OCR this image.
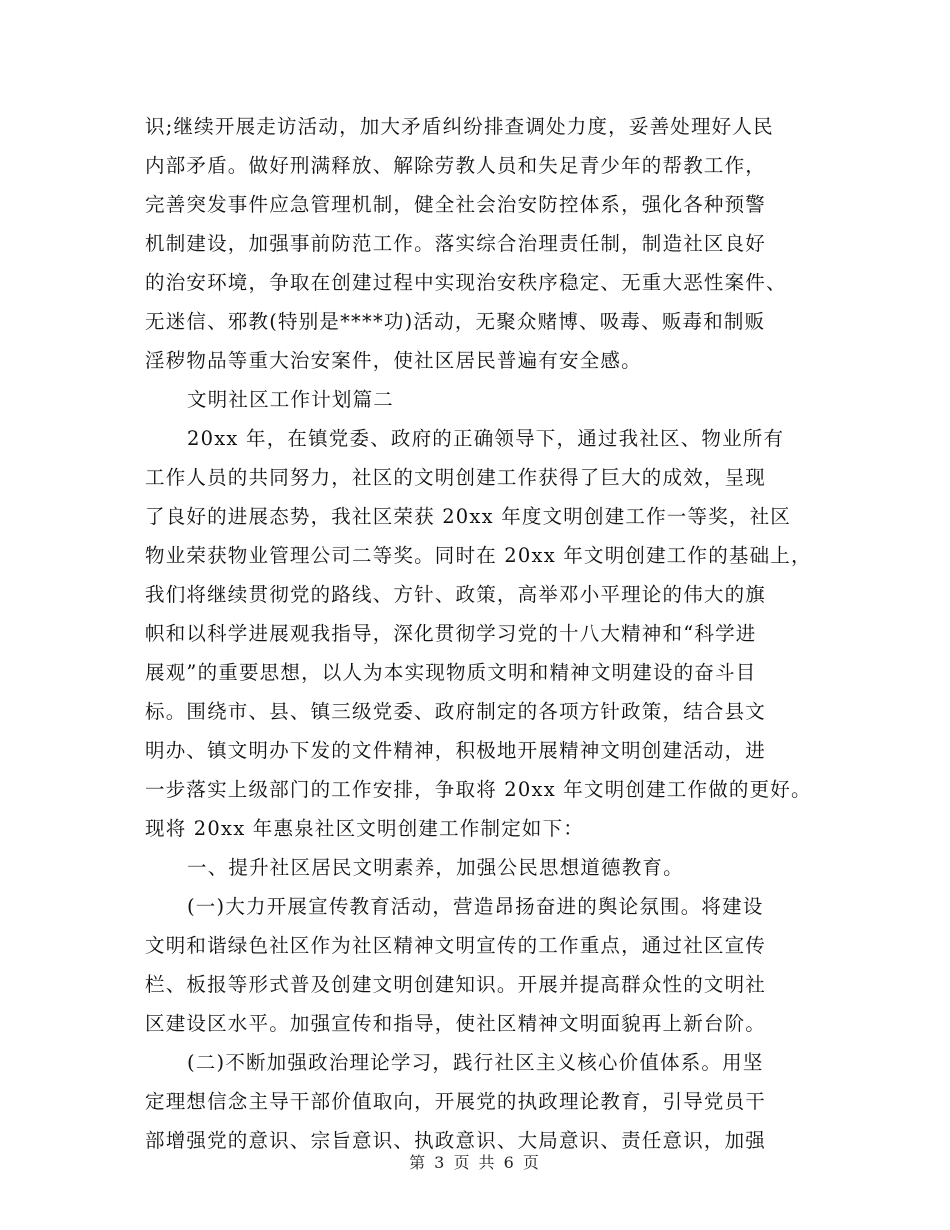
识;继续开展走访活动，加大矛盾纠纷排查调处力度，妥善处理好人民
内部矛盾。做好刑满释放、解除劳教人员和失足青少年的帮教工作，
完善突发事件应急管理机制，健全社会治安防控体系，强化各种预警
机制建设，加强事前防范工作。落实综合治理责任制，制造社区良好
的治安环境，争取在创建过程中实现治安秩序稳定、无重大恶性案件、
无迷信、邪教(特别是****功)活动，无聚众赌博、吸毒、贩毒和制贩
淫秽物品等重大治安案件，使社区居民普遍有安全感。
文明社区工作计划篇二
20xx 年，在镇党委、政府的正确领导下，通过我社区、物业所有
工作人员的共同努力，社区的文明创建工作获得了巨大的成效，呈现
了良好的进展态势，我社区荣获 20xx 年度文明创建工作一等奖，社区
物业荣获物业管理公司二等奖。同时在 20xx 年文明创建工作的基础上，
我们将继续贯彻党的路线、方针、政策，高举邓小平理论的伟大的旗
帜和以科学进展观我指导，深化贯彻学习党的十八大精神和“科学进
展观”的重要思想，以人为本实现物质文明和精神文明建设的奋斗目
标。围绕市、县、镇三级党委、政府制定的各项方针政策，结合县文
明办、镇文明办下发的文件精神，积极地开展精神文明创建活动，进
一步落实上级部门的工作安排，争取将 20xx 年文明创建工作做的更好。
现将 20xx 年惠泉社区文明创建工作制定如下：
一、提升社区居民文明素养，加强公民思想道德教育。
(一)大力开展宣传教育活动，营造昂扬奋进的舆论氛围。将建设
文明和谐绿色社区作为社区精神文明宣传的工作重点，通过社区宣传
栏、板报等形式普及创建文明创建知识。开展并提高群众性的文明社
区建设区水平。加强宣传和指导，使社区精神文明面貌再上新台阶。
(二)不断加强政治理论学习，践行社区主义核心价值体系。用坚
定理想信念主导干部价值取向，开展党的执政理论教育，引导党员干
部增强党的意识、宗旨意识、执政意识、大局意识、责任意识，加强
第 3 页 共 6 页
